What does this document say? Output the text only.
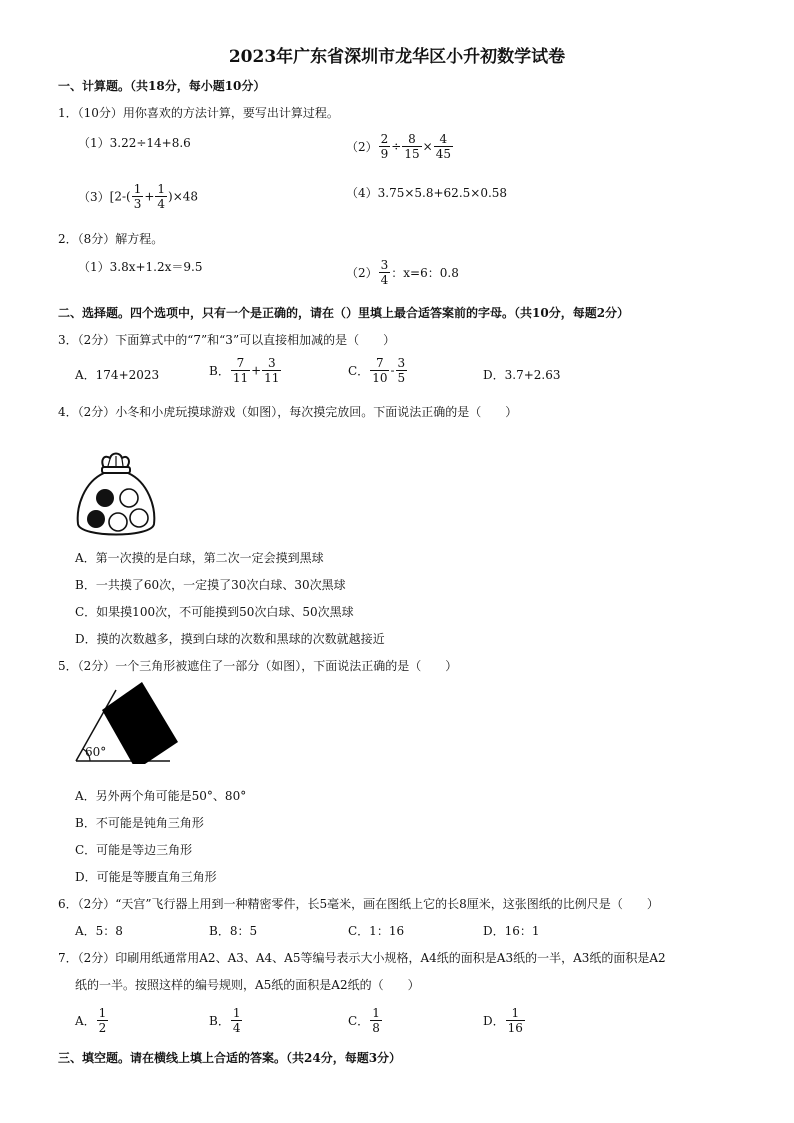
2023年广东省深圳市龙华区小升初数学试卷
一、计算题。（共18分，每小题10分）
1．（10分）用你喜欢的方法计算，要写出计算过程。
（1）3.22÷14+8.6	$(2) \frac{2}{9} \div \frac{8}{15} \times \frac{4}{45}$
$(3)[2-( \frac{1}{3} + \frac{1}{4} )\times 48$	（4）3.75×5.8+62.5×0.58
2．（8分）解方程。
（1）3.8x+1.2x＝9.5	$(2) \frac{3}{4}$ ：x=6：0.8
二、选择题。四个选项中，只有一个是正确的，请在（）里填上最合适答案前的字母。（共10分，每题2分）
3．（2分）下面算式中的“7”和“3”可以直接相加减的是（　　）
A．174+2023	B． $\frac{7}{11} + \frac{3}{11}$	C． $\frac{7}{10} - \frac{3}{5}$	D．3.7+2.63
4．（2分）小冬和小虎玩摸球游戏（如图），每次摸完放回。下面说法正确的是（　　）
A．第一次摸的是白球，第二次一定会摸到黑球
B．一共摸了60次，一定摸了30次白球、30次黑球
C．如果摸100次，不可能摸到50次白球、50次黑球
D．摸的次数越多，摸到白球的次数和黑球的次数就越接近
5．（2分）一个三角形被遮住了一部分（如图），下面说法正确的是（　　）
60°
A．另外两个角可能是50°、80°
B．不可能是钝角三角形
C．可能是等边三角形
D．可能是等腰直角三角形
6．（2分）“天宫”飞行器上用到一种精密零件，长5毫米，画在图纸上它的长8厘米，这张图纸的比例尺是（　　）
A．5：8	B．8：5	C．1：16	D．16：1
7．（2分）印刷用纸通常用A2、A3、A4、A5等编号表示大小规格，A4纸的面积是A3纸的一半，A3纸的面积是A2
纸的一半。按照这样的编号规则，A5纸的面积是A2纸的（　　）
A． $\frac{1}{2}$	B． $\frac{1}{4}$	C． $\frac{1}{8}$	D． $\frac{1}{16}$
三、填空题。请在横线上填上合适的答案。（共24分，每题3分）
